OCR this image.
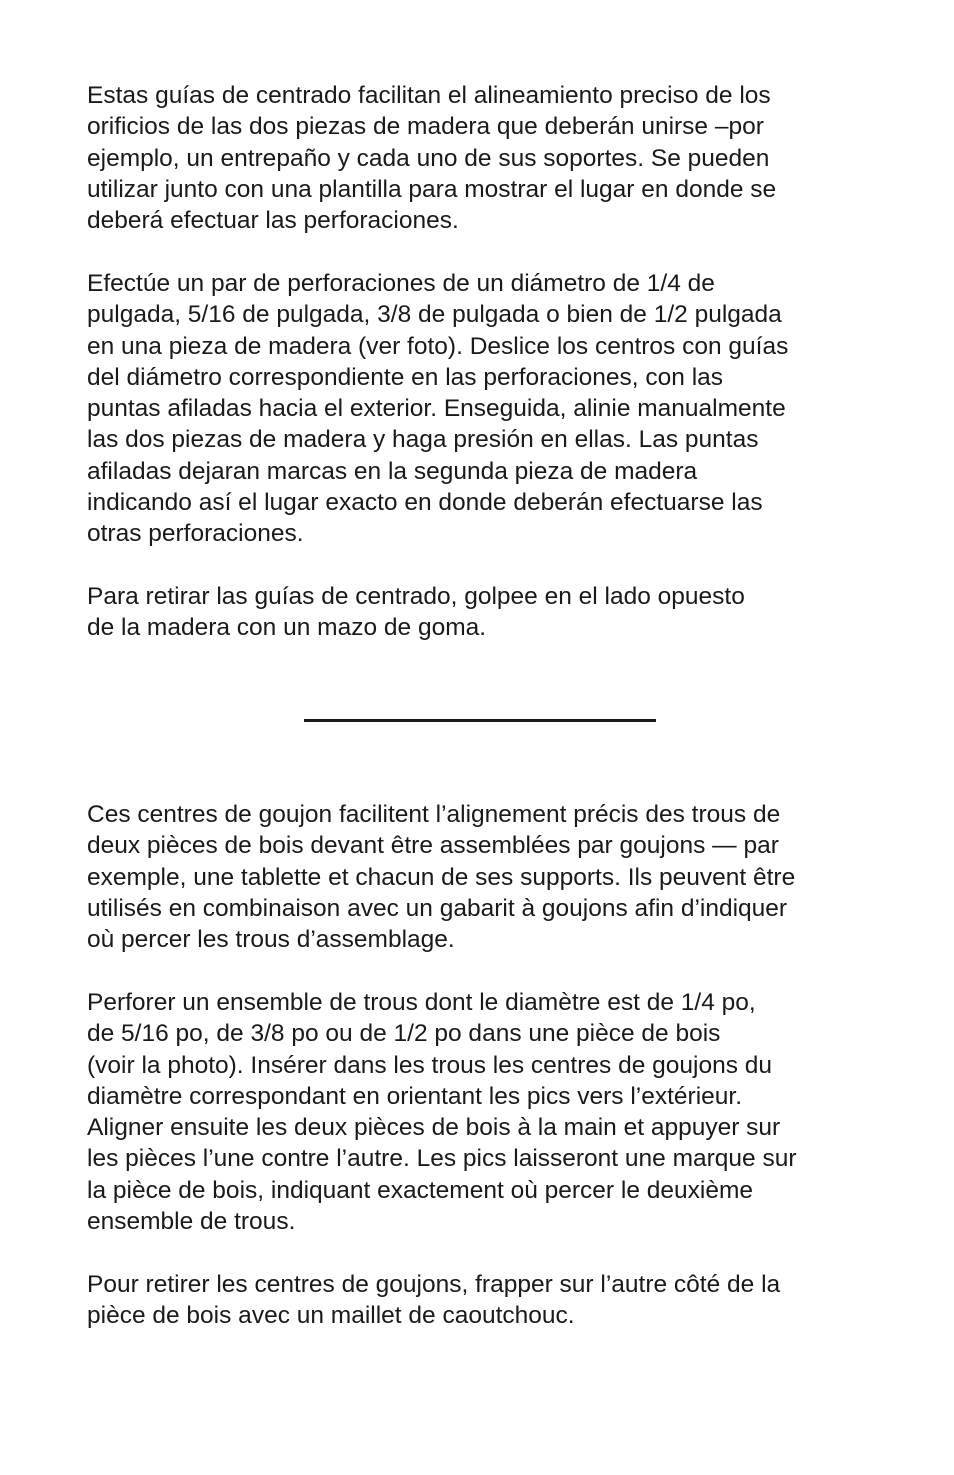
Estas guías de centrado facilitan el alineamiento preciso de los
orificios de las dos piezas de madera que deberán unirse –por
ejemplo, un entrepaño y cada uno de sus soportes. Se pueden
utilizar junto con una plantilla para mostrar el lugar en donde se
deberá efectuar las perforaciones.

Efectúe un par de perforaciones de un diámetro de 1/4 de
pulgada, 5/16 de pulgada, 3/8 de pulgada o bien de 1/2 pulgada
en una pieza de madera (ver foto). Deslice los centros con guías
del diámetro correspondiente en las perforaciones, con las
puntas afiladas hacia el exterior. Enseguida, alinie manualmente
las dos piezas de madera y haga presión en ellas. Las puntas
afiladas dejaran marcas en la segunda pieza de madera
indicando así el lugar exacto en donde deberán efectuarse las
otras perforaciones.

Para retirar las guías de centrado, golpee en el lado opuesto
de la madera con un mazo de goma.

Ces centres de goujon facilitent l’alignement précis des trous de
deux pièces de bois devant être assemblées par goujons — par
exemple, une tablette et chacun de ses supports. Ils peuvent être
utilisés en combinaison avec un gabarit à goujons afin d’indiquer
où percer les trous d’assemblage.

Perforer un ensemble de trous dont le diamètre est de 1/4 po,
de 5/16 po, de 3/8 po ou de 1/2 po dans une pièce de bois
(voir la photo). Insérer dans les trous les centres de goujons du
diamètre correspondant en orientant les pics vers l’extérieur.
Aligner ensuite les deux pièces de bois à la main et appuyer sur
les pièces l’une contre l’autre. Les pics laisseront une marque sur
la pièce de bois, indiquant exactement où percer le deuxième
ensemble de trous.

Pour retirer les centres de goujons, frapper sur l’autre côté de la
pièce de bois avec un maillet de caoutchouc.
